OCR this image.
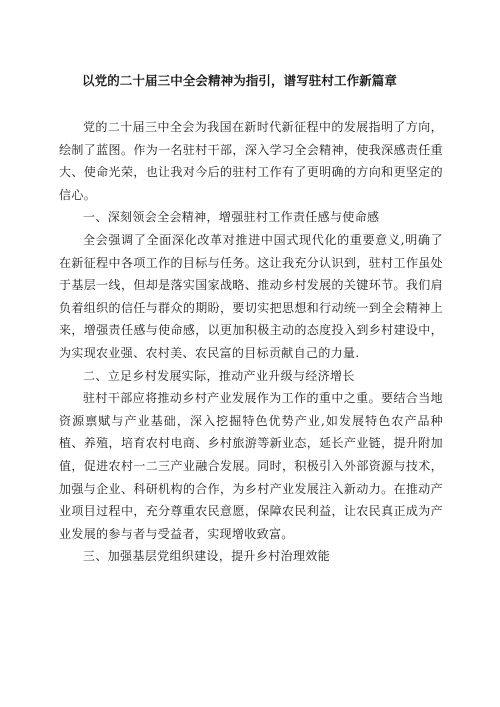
以党的二十届三中全会精神为指引，谱写驻村工作新篇章

党的二十届三中全会为我国在新时代新征程中的发展指明了方向，绘制了蓝图。作为一名驻村干部，深入学习全会精神，使我深感责任重大、使命光荣，也让我对今后的驻村工作有了更明确的方向和更坚定的信心。

一、深刻领会全会精神，增强驻村工作责任感与使命感

全会强调了全面深化改革对推进中国式现代化的重要意义,明确了在新征程中各项工作的目标与任务。这让我充分认识到，驻村工作虽处于基层一线，但却是落实国家战略、推动乡村发展的关键环节。我们肩负着组织的信任与群众的期盼，要切实把思想和行动统一到全会精神上来，增强责任感与使命感，以更加积极主动的态度投入到乡村建设中，为实现农业强、农村美、农民富的目标贡献自己的力量.

二、立足乡村发展实际，推动产业升级与经济增长

驻村干部应将推动乡村产业发展作为工作的重中之重。要结合当地资源禀赋与产业基础，深入挖掘特色优势产业,如发展特色农产品种植、养殖，培育农村电商、乡村旅游等新业态，延长产业链，提升附加值，促进农村一二三产业融合发展。同时，积极引入外部资源与技术，加强与企业、科研机构的合作，为乡村产业发展注入新动力。在推动产业项目过程中，充分尊重农民意愿，保障农民利益，让农民真正成为产业发展的参与者与受益者，实现增收致富。

三、加强基层党组织建设，提升乡村治理效能
